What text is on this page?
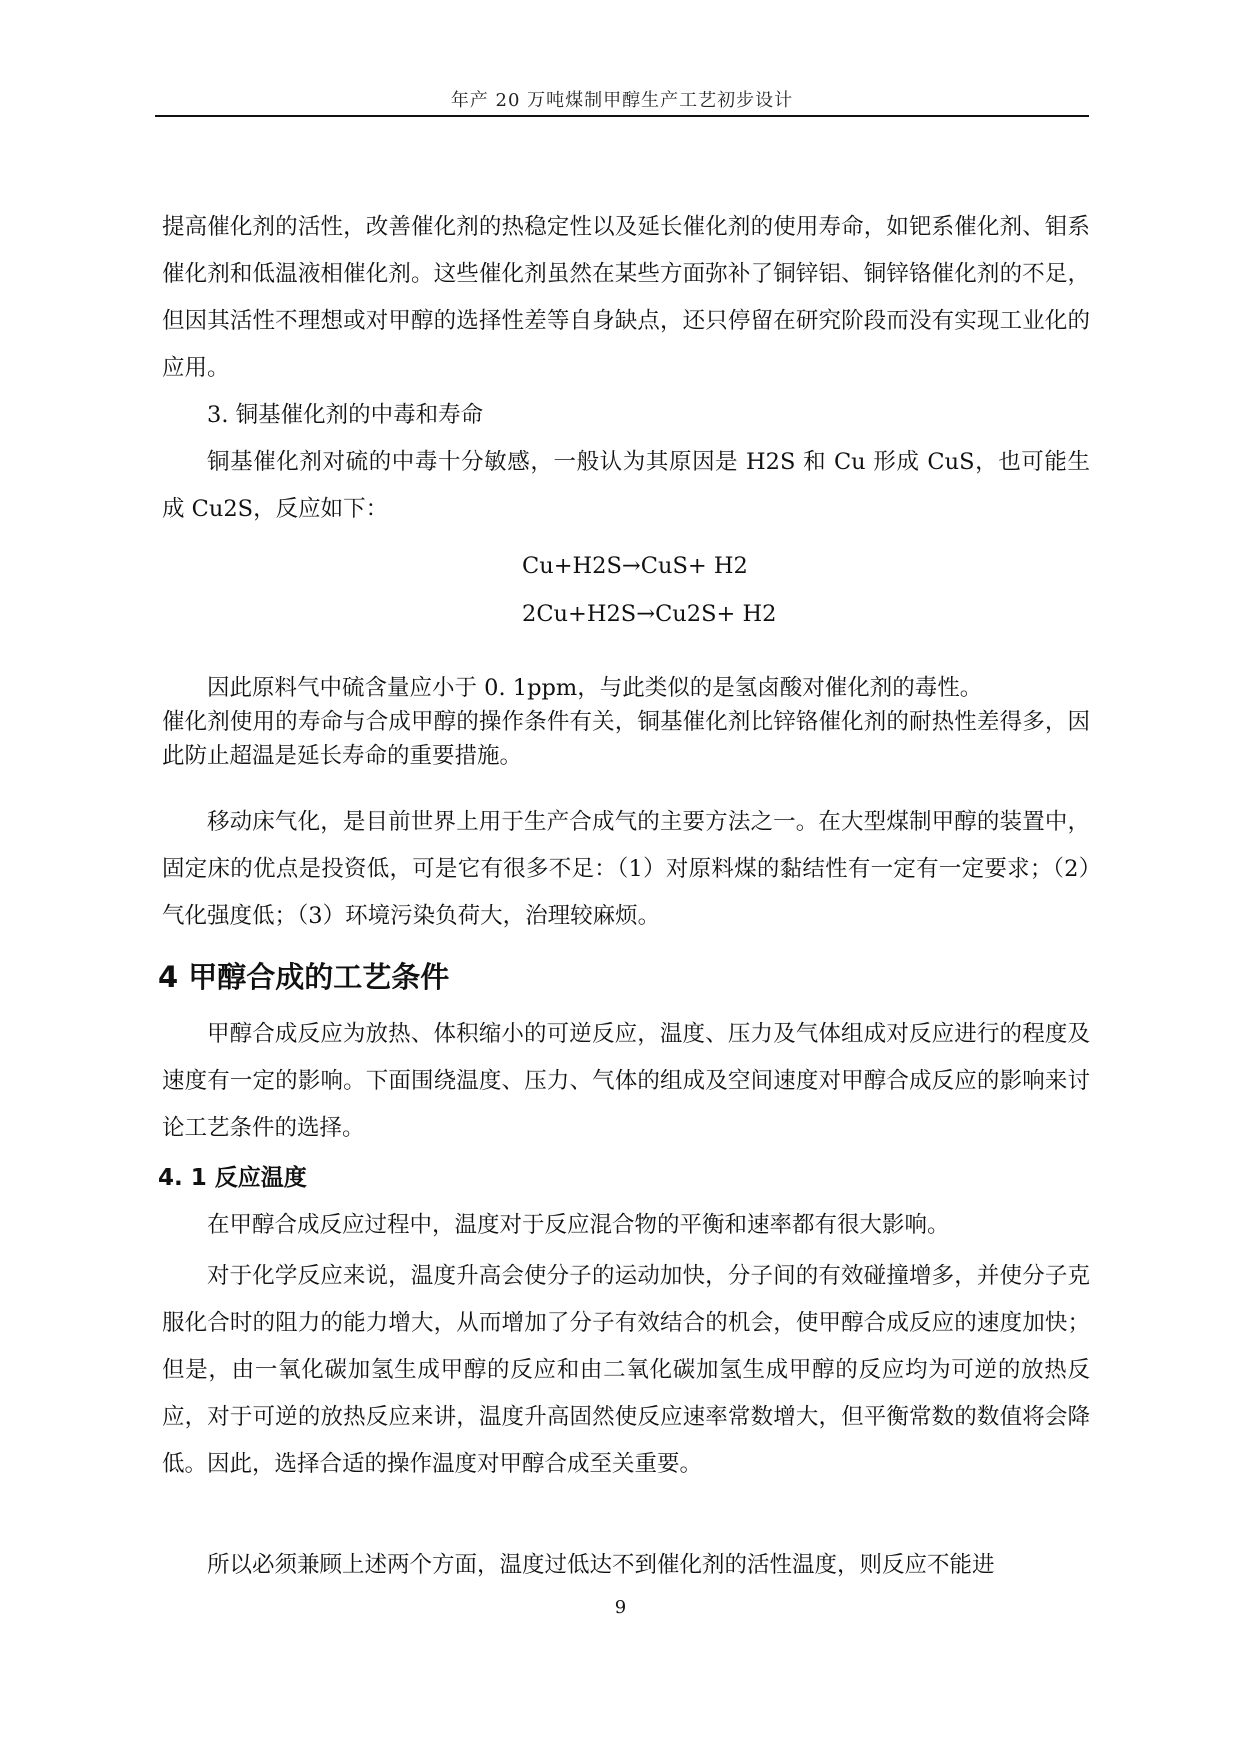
年产 20 万吨煤制甲醇生产工艺初步设计
提高催化剂的活性，改善催化剂的热稳定性以及延长催化剂的使用寿命，如钯系催化剂、钼系催化剂和低温液相催化剂。这些催化剂虽然在某些方面弥补了铜锌铝、铜锌铬催化剂的不足，但因其活性不理想或对甲醇的选择性差等自身缺点，还只停留在研究阶段而没有实现工业化的应用。
3. 铜基催化剂的中毒和寿命
铜基催化剂对硫的中毒十分敏感，一般认为其原因是 H2S 和 Cu 形成 CuS，也可能生成 Cu2S，反应如下：
Cu+H2S→CuS+ H2
2Cu+H2S→Cu2S+ H2
因此原料气中硫含量应小于 0. 1ppm，与此类似的是氢卤酸对催化剂的毒性。
催化剂使用的寿命与合成甲醇的操作条件有关，铜基催化剂比锌铬催化剂的耐热性差得多，因此防止超温是延长寿命的重要措施。
移动床气化，是目前世界上用于生产合成气的主要方法之一。在大型煤制甲醇的装置中，固定床的优点是投资低，可是它有很多不足：（1）对原料煤的黏结性有一定有一定要求；（2）气化强度低；（3）环境污染负荷大，治理较麻烦。
4 甲醇合成的工艺条件
甲醇合成反应为放热、体积缩小的可逆反应，温度、压力及气体组成对反应进行的程度及速度有一定的影响。下面围绕温度、压力、气体的组成及空间速度对甲醇合成反应的影响来讨论工艺条件的选择。
4. 1 反应温度
在甲醇合成反应过程中，温度对于反应混合物的平衡和速率都有很大影响。
对于化学反应来说，温度升高会使分子的运动加快，分子间的有效碰撞增多，并使分子克服化合时的阻力的能力增大，从而增加了分子有效结合的机会，使甲醇合成反应的速度加快；但是，由一氧化碳加氢生成甲醇的反应和由二氧化碳加氢生成甲醇的反应均为可逆的放热反应，对于可逆的放热反应来讲，温度升高固然使反应速率常数增大，但平衡常数的数值将会降低。因此，选择合适的操作温度对甲醇合成至关重要。
所以必须兼顾上述两个方面，温度过低达不到催化剂的活性温度，则反应不能进
9
